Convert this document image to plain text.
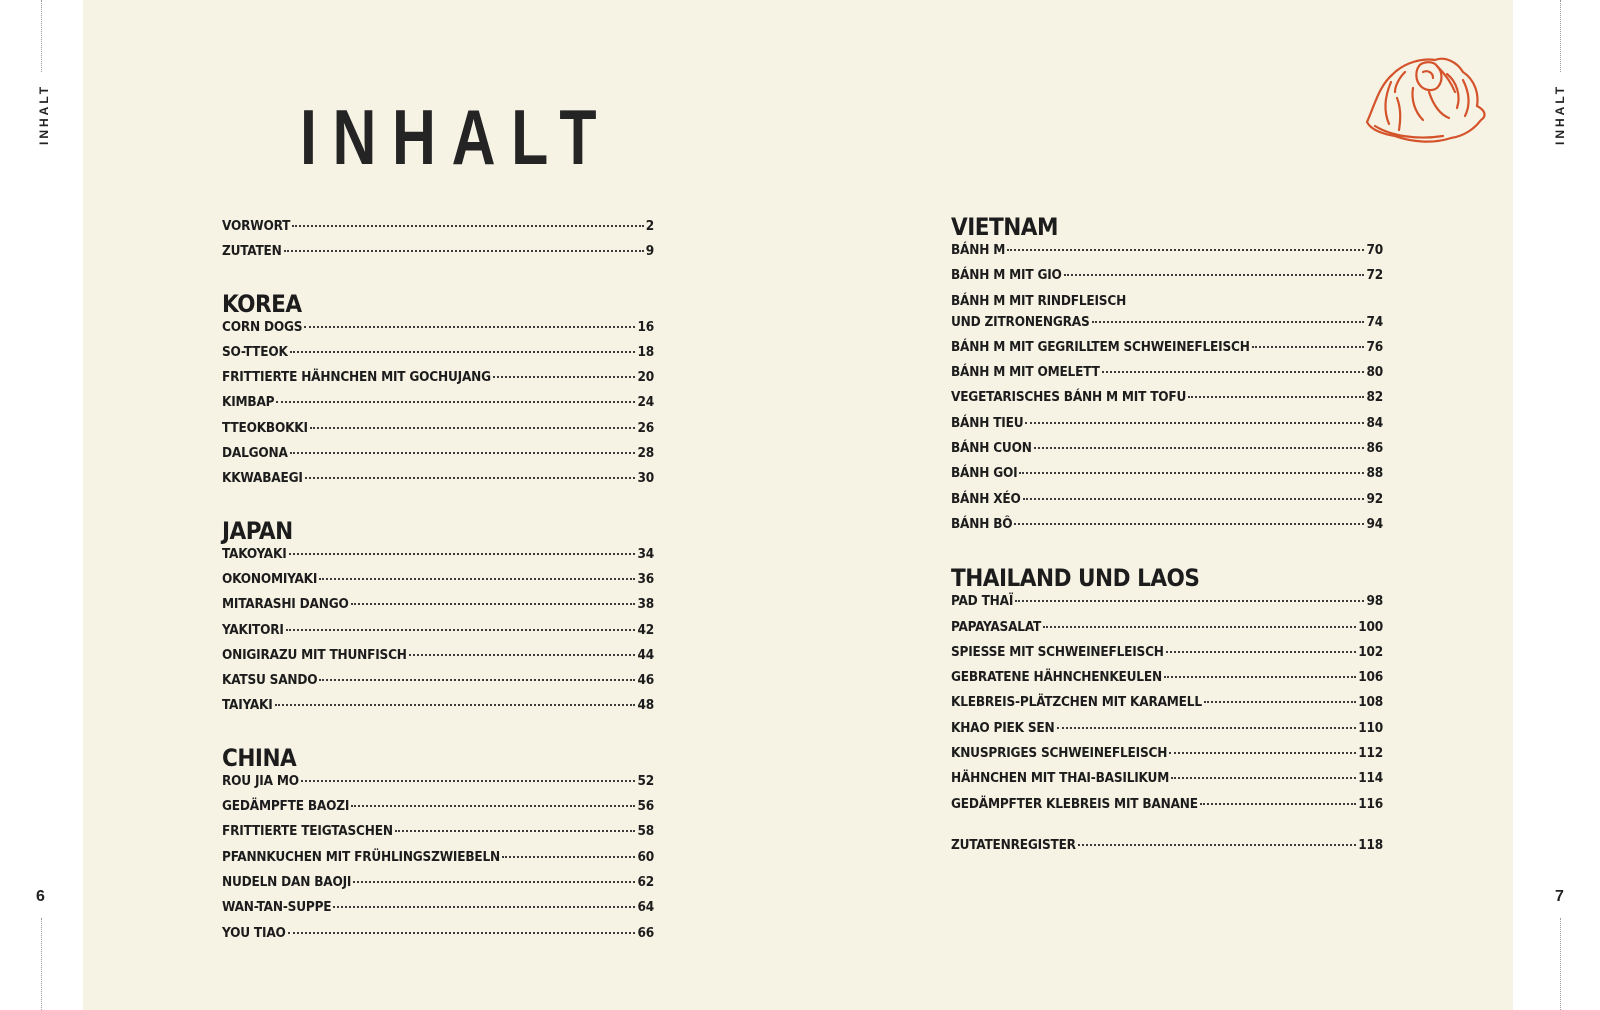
INHALT
6
INHALT
7
INHALT
VORWORT	2
ZUTATEN	9
KOREA
CORN DOGS	16
SO-TTEOK	18
FRITTIERTE HÄHNCHEN MIT GOCHUJANG	20
KIMBAP	24
TTEOKBOKKI	26
DALGONA	28
KKWABAEGI	30
JAPAN
TAKOYAKI	34
OKONOMIYAKI	36
MITARASHI DANGO	38
YAKITORI	42
ONIGIRAZU MIT THUNFISCH	44
KATSU SANDO	46
TAIYAKI	48
CHINA
ROU JIA MO	52
GEDÄMPFTE BAOZI	56
FRITTIERTE TEIGTASCHEN	58
PFANNKUCHEN MIT FRÜHLINGSZWIEBELN	60
NUDELN DAN BAOJI	62
WAN-TAN-SUPPE	64
YOU TIAO	66
VIETNAM
BÁNH M	70
BÁNH M MIT GIO	72
BÁNH M MIT RINDFLEISCH
UND ZITRONENGRAS	74
BÁNH M MIT GEGRILLTEM SCHWEINEFLEISCH	76
BÁNH M MIT OMELETT	80
VEGETARISCHES BÁNH M MIT TOFU	82
BÁNH TIEU	84
BÁNH CUON	86
BÁNH GOI	88
BÁNH XÉO	92
BÁNH BÔ	94
THAILAND UND LAOS
PAD THAÏ	98
PAPAYASALAT	100
SPIESSE MIT SCHWEINEFLEISCH	102
GEBRATENE HÄHNCHENKEULEN	106
KLEBREIS-PLÄTZCHEN MIT KARAMELL	108
KHAO PIEK SEN	110
KNUSPRIGES SCHWEINEFLEISCH	112
HÄHNCHEN MIT THAI-BASILIKUM	114
GEDÄMPFTER KLEBREIS MIT BANANE	116
ZUTATENREGISTER	118
